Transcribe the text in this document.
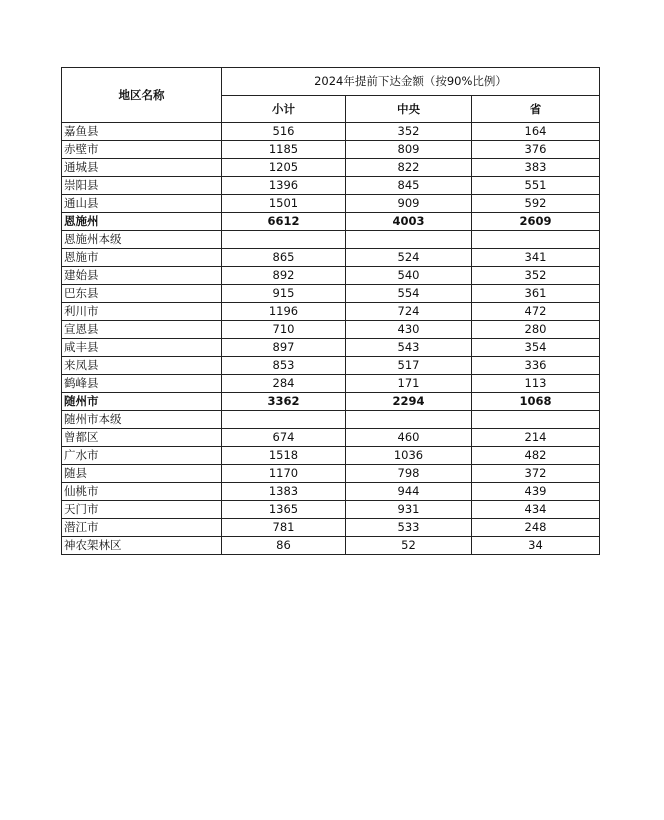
地区名称	2024年提前下达金额（按90%比例）		
	小计	中央	省
嘉鱼县	516	352	164
赤壁市	1185	809	376
通城县	1205	822	383
崇阳县	1396	845	551
通山县	1501	909	592
恩施州	6612	4003	2609
恩施州本级			
恩施市	865	524	341
建始县	892	540	352
巴东县	915	554	361
利川市	1196	724	472
宣恩县	710	430	280
咸丰县	897	543	354
来凤县	853	517	336
鹤峰县	284	171	113
随州市	3362	2294	1068
随州市本级			
曾都区	674	460	214
广水市	1518	1036	482
随县	1170	798	372
仙桃市	1383	944	439
天门市	1365	931	434
潜江市	781	533	248
神农架林区	86	52	34
